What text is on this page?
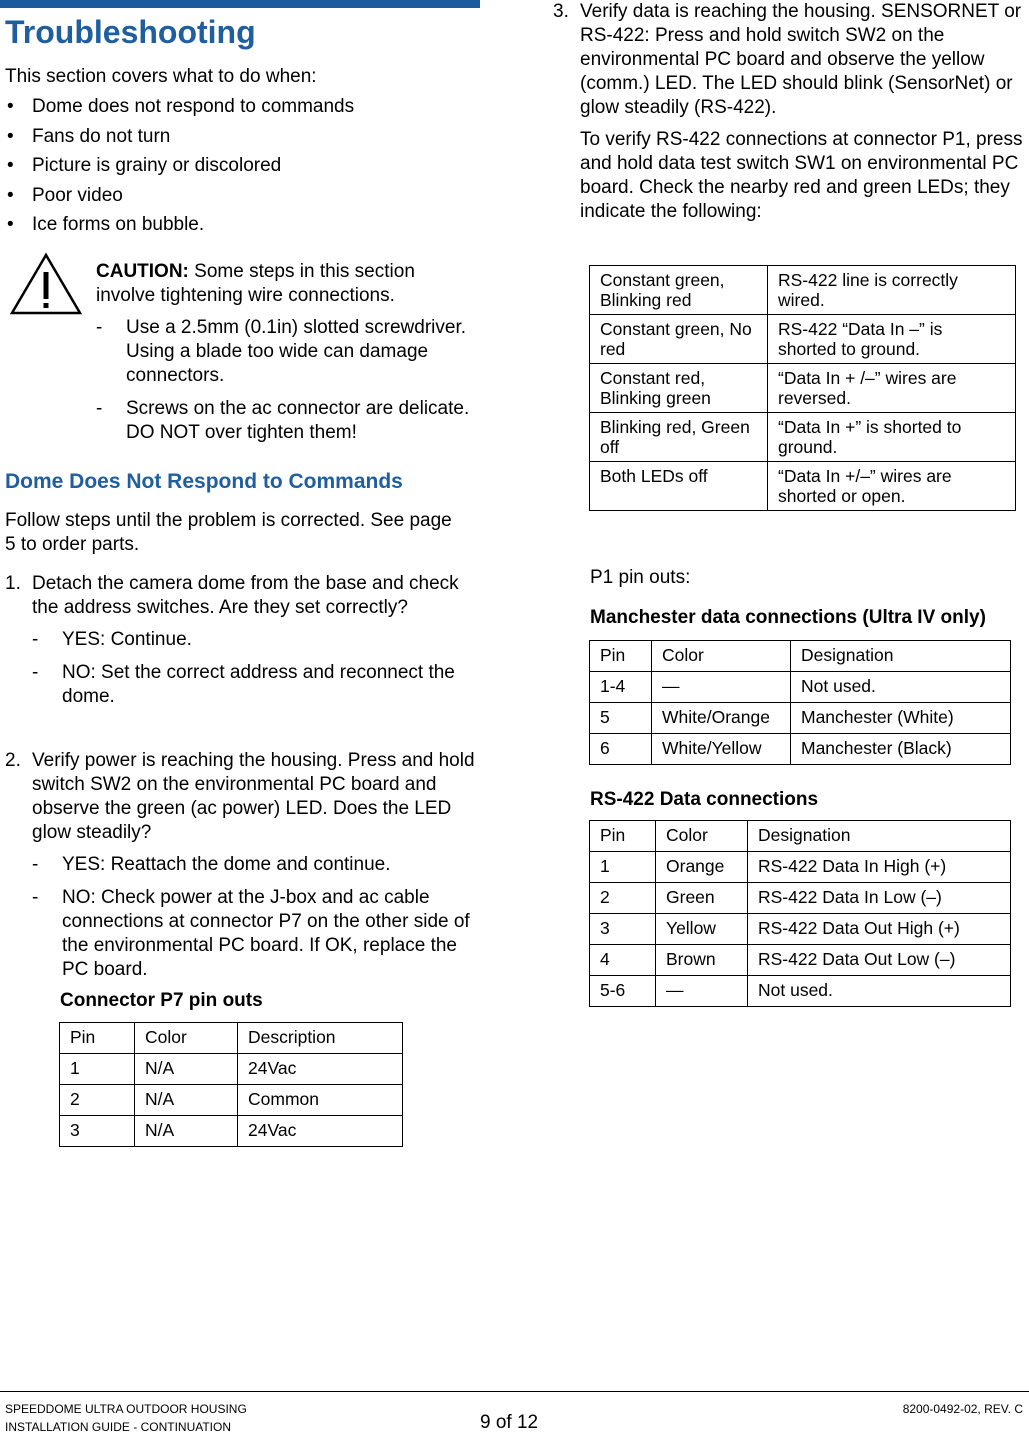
Troubleshooting

This section covers what to do when:

• Dome does not respond to commands
• Fans do not turn
• Picture is grainy or discolored
• Poor video
• Ice forms on bubble.

CAUTION: Some steps in this section involve tightening wire connections.

- Use a 2.5mm (0.1in) slotted screwdriver. Using a blade too wide can damage connectors.
- Screws on the ac connector are delicate. DO NOT over tighten them!
Dome Does Not Respond to Commands

Follow steps until the problem is corrected. See page 5 to order parts.

1. Detach the camera dome from the base and check the address switches. Are they set correctly?

- YES: Continue.
- NO: Set the correct address and reconnect the dome.
2. Verify power is reaching the housing. Press and hold switch SW2 on the environmental PC board and observe the green (ac power) LED. Does the LED glow steadily?

- YES: Reattach the dome and continue.
- NO: Check power at the J-box and ac cable connections at connector P7 on the other side of the environmental PC board. If OK, replace the PC board.
Connector P7 pin outs
Pin	Color	Description
1	N/A	24Vac
2	N/A	Common
3	N/A	24Vac
3. Verify data is reaching the housing. SENSORNET or RS-422: Press and hold switch SW2 on the environmental PC board and observe the yellow (comm.) LED. The LED should blink (SensorNet) or glow steadily (RS-422).

To verify RS-422 connections at connector P1, press and hold data test switch SW1 on environmental PC board. Check the nearby red and green LEDs; they indicate the following:

Constant green, Blinking red	RS-422 line is correctly wired.
Constant green, No red	RS-422 “Data In –” is shorted to ground.
Constant red, Blinking green	“Data In + /–” wires are reversed.
Blinking red, Green off	“Data In +” is shorted to ground.
Both LEDs off	“Data In +/–” wires are shorted or open.

P1 pin outs:

Manchester data connections (Ultra IV only)
Pin	Color	Designation
1-4	—	Not used.
5	White/Orange	Manchester (White)
6	White/Yellow	Manchester (Black)
RS-422 Data connections
Pin	Color	Designation
1	Orange	RS-422 Data In High (+)
2	Green	RS-422 Data In Low (–)
3	Yellow	RS-422 Data Out High (+)
4	Brown	RS-422 Data Out Low (–)
5-6	—	Not used.
SPEEDDOME ULTRA OUTDOOR HOUSING
INSTALLATION GUIDE - CONTINUATION	9 of 12
8200-0492-02, REV. C
